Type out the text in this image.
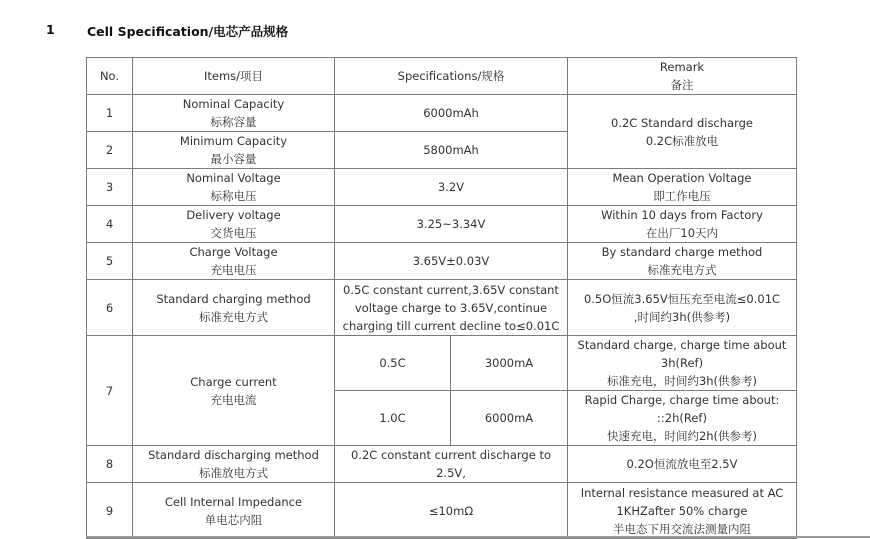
1	Cell Specification/电芯产品规格
No.	Items/项目	Specifications/规格		Remark
备注

1	Nominal Capacity
标称容量	6000mAh		0.2C Standard discharge
0.2C标准放电

2	Minimum Capacity
最小容量	5800mAh		
3	Nominal Voltage
标称电压	3.2V		Mean Operation Voltage
即工作电压

4	Delivery voltage
交货电压	3.25~3.34V		Within 10 days from Factory
在出厂10天内

5	Charge Voltage
充电电压	3.65V±0.03V		By standard charge method
标准充电方式

6	Standard charging method
标准充电方式	0.5C constant current,3.65V constant
voltage charge to 3.65V,continue
charging till current decline to≤0.01C		0.5O恒流3.65V恒压充至电流≤0.01C
,时间约3h(供参考)

7	Charge current
充电电流	0.5C	3000mA	Standard charge, charge time about
3h(Ref)
标准充电，时间约3h(供参考)

		1.0C	6000mA	Rapid Charge, charge time about:
::2h(Ref)
快速充电，时间约2h(供参考)

8	Standard discharging method
标准放电方式	0.2C constant current discharge to 2.5V,		0.2O恒流放电至2.5V

9	Cell Internal Impedance
单电芯内阻	≤10mΩ		Internal resistance measured at AC
1KHZafter 50% charge
半电态下用交流法测量内阻
